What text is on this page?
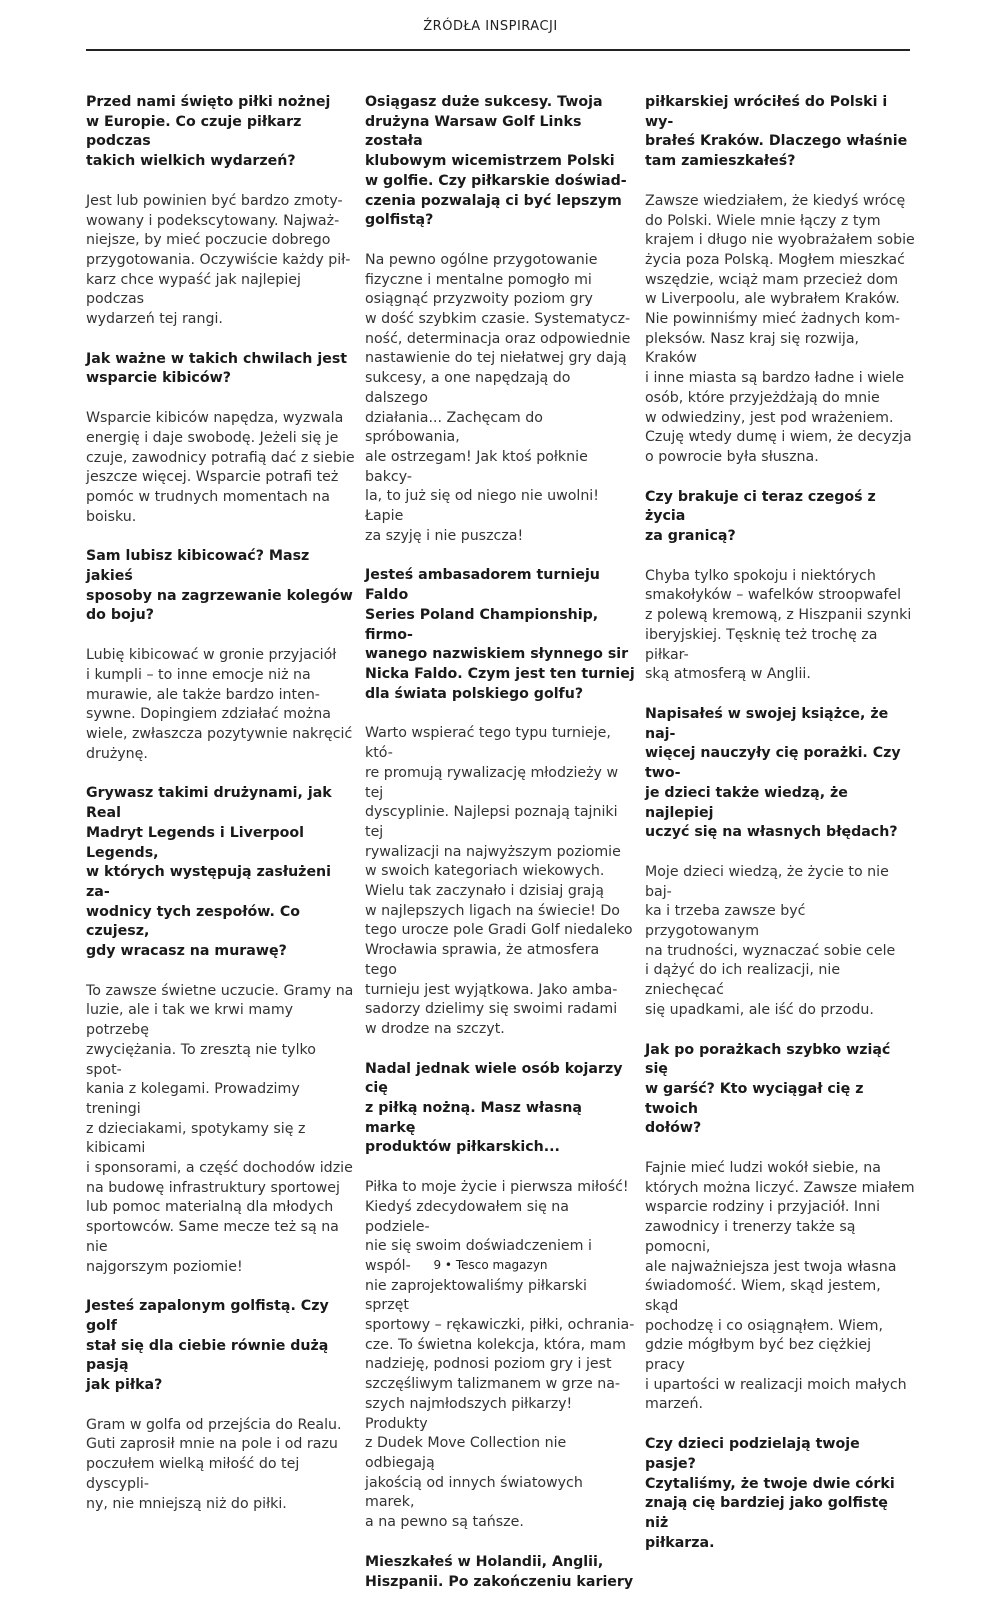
ŹRÓDŁA INSPIRACJI

Przed nami święto piłki nożnej
w Europie. Co czuje piłkarz podczas
takich wielkich wydarzeń?

Jest lub powinien być bardzo zmoty-
wowany i podekscytowany. Najważ-
niejsze, by mieć poczucie dobrego
przygotowania. Oczywiście każdy pił-
karz chce wypaść jak najlepiej podczas
wydarzeń tej rangi.

Jak ważne w takich chwilach jest
wsparcie kibiców?

Wsparcie kibiców napędza, wyzwala
energię i daje swobodę. Jeżeli się je
czuje, zawodnicy potrafią dać z siebie
jeszcze więcej. Wsparcie potrafi też
pomóc w trudnych momentach na
boisku.

Sam lubisz kibicować? Masz jakieś
sposoby na zagrzewanie kolegów
do boju?

Lubię kibicować w gronie przyjaciół
i kumpli – to inne emocje niż na
murawie, ale także bardzo inten-
sywne. Dopingiem zdziałać można
wiele, zwłaszcza pozytywnie nakręcić
drużynę.

Grywasz takimi drużynami, jak Real
Madryt Legends i Liverpool Legends,
w których występują zasłużeni za-
wodnicy tych zespołów. Co czujesz,
gdy wracasz na murawę?

To zawsze świetne uczucie. Gramy na
luzie, ale i tak we krwi mamy potrzebę
zwyciężania. To zresztą nie tylko spot-
kania z kolegami. Prowadzimy treningi
z dzieciakami, spotykamy się z kibicami
i sponsorami, a część dochodów idzie
na budowę infrastruktury sportowej
lub pomoc materialną dla młodych
sportowców. Same mecze też są na nie
najgorszym poziomie!

Jesteś zapalonym golfistą. Czy golf
stał się dla ciebie równie dużą pasją
jak piłka?

Gram w golfa od przejścia do Realu.
Guti zaprosił mnie na pole i od razu
poczułem wielką miłość do tej dyscypli-
ny, nie mniejszą niż do piłki.

Osiągasz duże sukcesy. Twoja
drużyna Warsaw Golf Links została
klubowym wicemistrzem Polski
w golfie. Czy piłkarskie doświad-
czenia pozwalają ci być lepszym
golfistą?

Na pewno ogólne przygotowanie
fizyczne i mentalne pomogło mi
osiągnąć przyzwoity poziom gry
w dość szybkim czasie. Systematycz-
ność, determinacja oraz odpowiednie
nastawienie do tej niełatwej gry dają
sukcesy, a one napędzają do dalszego
działania... Zachęcam do spróbowania,
ale ostrzegam! Jak ktoś połknie bakcy-
la, to już się od niego nie uwolni! Łapie
za szyję i nie puszcza!

Jesteś ambasadorem turnieju Faldo
Series Poland Championship, firmo-
wanego nazwiskiem słynnego sir
Nicka Faldo. Czym jest ten turniej
dla świata polskiego golfu?

Warto wspierać tego typu turnieje, któ-
re promują rywalizację młodzieży w tej
dyscyplinie. Najlepsi poznają tajniki tej
rywalizacji na najwyższym poziomie
w swoich kategoriach wiekowych.
Wielu tak zaczynało i dzisiaj grają
w najlepszych ligach na świecie! Do
tego urocze pole Gradi Golf niedaleko
Wrocławia sprawia, że atmosfera tego
turnieju jest wyjątkowa. Jako amba-
sadorzy dzielimy się swoimi radami
w drodze na szczyt.

Nadal jednak wiele osób kojarzy cię
z piłką nożną. Masz własną markę
produktów piłkarskich...

Piłka to moje życie i pierwsza miłość!
Kiedyś zdecydowałem się na podziele-
nie się swoim doświadczeniem i wspól-
nie zaprojektowaliśmy piłkarski sprzęt
sportowy – rękawiczki, piłki, ochrania-
cze. To świetna kolekcja, która, mam
nadzieję, podnosi poziom gry i jest
szczęśliwym talizmanem w grze na-
szych najmłodszych piłkarzy! Produkty
z Dudek Move Collection nie odbiegają
jakością od innych światowych marek,
a na pewno są tańsze.

Mieszkałeś w Holandii, Anglii,
Hiszpanii. Po zakończeniu kariery

piłkarskiej wróciłeś do Polski i wy-
brałeś Kraków. Dlaczego właśnie
tam zamieszkałeś?

Zawsze wiedziałem, że kiedyś wrócę
do Polski. Wiele mnie łączy z tym
krajem i długo nie wyobrażałem sobie
życia poza Polską. Mogłem mieszkać
wszędzie, wciąż mam przecież dom
w Liverpoolu, ale wybrałem Kraków.
Nie powinniśmy mieć żadnych kom-
pleksów. Nasz kraj się rozwija, Kraków
i inne miasta są bardzo ładne i wiele
osób, które przyjeżdżają do mnie
w odwiedziny, jest pod wrażeniem.
Czuję wtedy dumę i wiem, że decyzja
o powrocie była słuszna.

Czy brakuje ci teraz czegoś z życia
za granicą?

Chyba tylko spokoju i niektórych
smakołyków – wafelków stroopwafel
z polewą kremową, z Hiszpanii szynki
iberyjskiej. Tęsknię też trochę za piłkar-
ską atmosferą w Anglii.

Napisałeś w swojej książce, że naj-
więcej nauczyły cię porażki. Czy two-
je dzieci także wiedzą, że najlepiej
uczyć się na własnych błędach?

Moje dzieci wiedzą, że życie to nie baj-
ka i trzeba zawsze być przygotowanym
na trudności, wyznaczać sobie cele
i dążyć do ich realizacji, nie zniechęcać
się upadkami, ale iść do przodu.

Jak po porażkach szybko wziąć się
w garść? Kto wyciągał cię z twoich
dołów?

Fajnie mieć ludzi wokół siebie, na
których można liczyć. Zawsze miałem
wsparcie rodziny i przyjaciół. Inni
zawodnicy i trenerzy także są pomocni,
ale najważniejsza jest twoja własna
świadomość. Wiem, skąd jestem, skąd
pochodzę i co osiągnąłem. Wiem,
gdzie mógłbym być bez ciężkiej pracy
i upartości w realizacji moich małych
marzeń.

Czy dzieci podzielają twoje pasje?
Czytaliśmy, że twoje dwie córki
znają cię bardziej jako golfistę niż
piłkarza.

9 • Tesco magazyn
